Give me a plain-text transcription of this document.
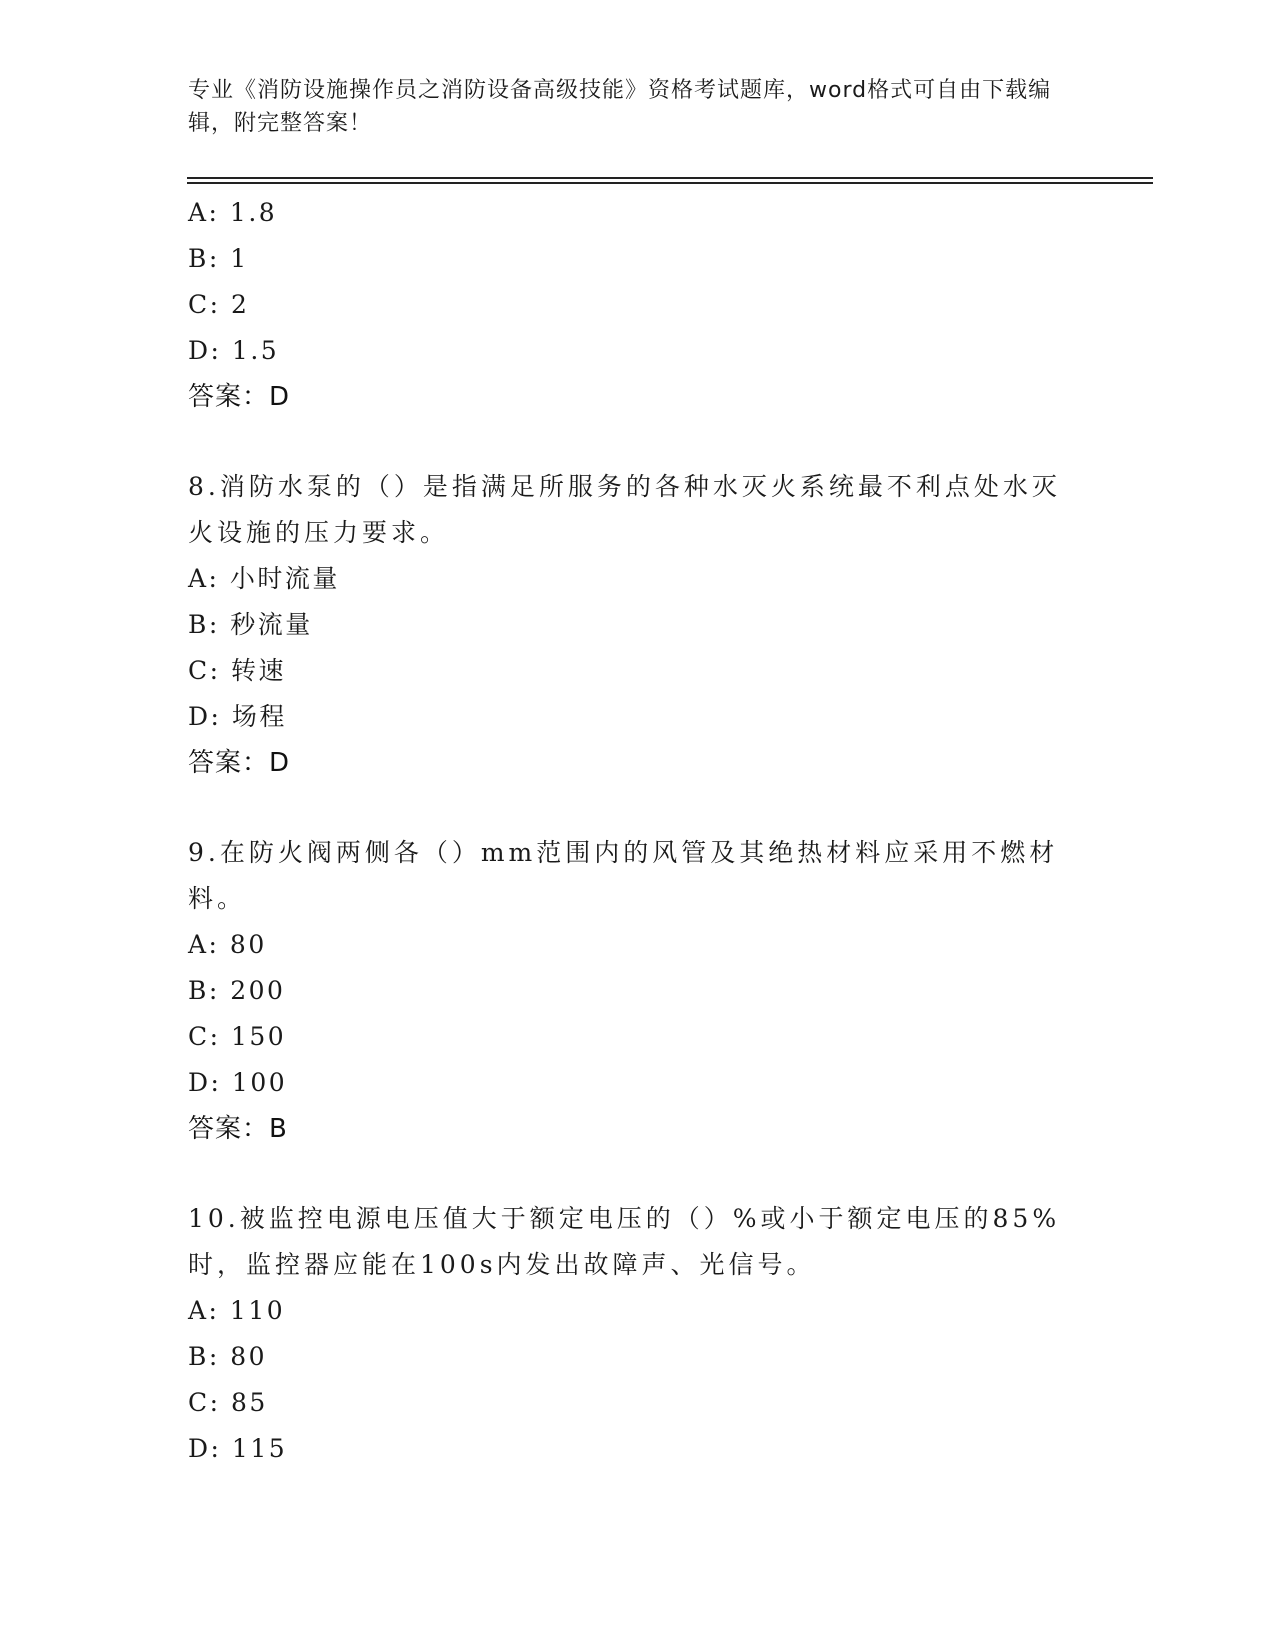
专业《消防设施操作员之消防设备高级技能》资格考试题库，word格式可自由下载编辑，附完整答案！
A: 1.8
B: 1
C: 2
D: 1.5
答案：D
8.消防水泵的（）是指满足所服务的各种水灭火系统最不利点处水灭火设施的压力要求。
A: 小时流量
B: 秒流量
C: 转速
D: 场程
答案：D
9.在防火阀两侧各（）mm范围内的风管及其绝热材料应采用不燃材料。
A: 80
B: 200
C: 150
D: 100
答案：B
10.被监控电源电压值大于额定电压的（）%或小于额定电压的85%时，监控器应能在100s内发出故障声、光信号。
A: 110
B: 80
C: 85
D: 115
